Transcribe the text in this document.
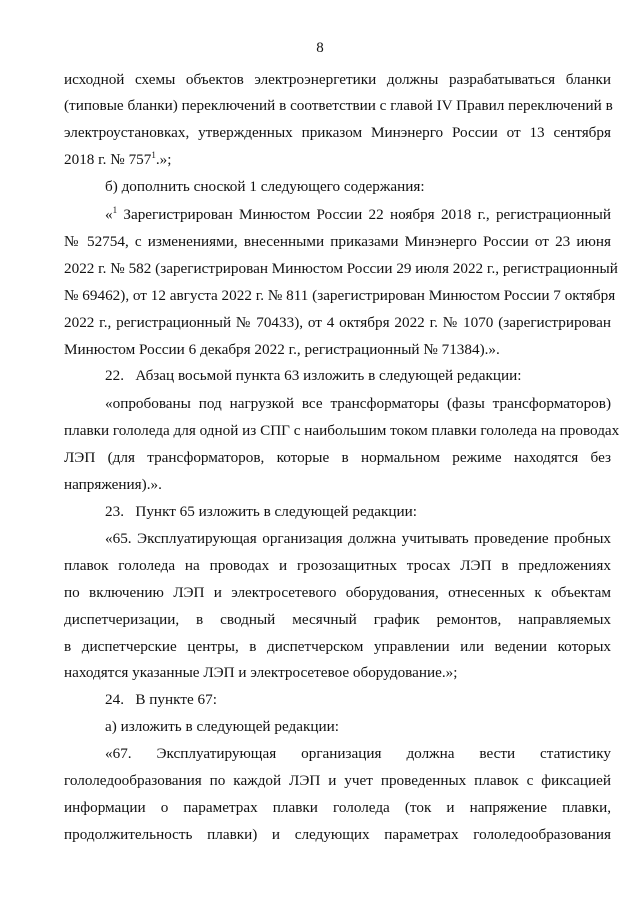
8
исходной схемы объектов электроэнергетики должны разрабатываться бланки
(типовые бланки) переключений в соответствии с главой IV Правил переключений в
электроустановках, утвержденных приказом Минэнерго России от 13 сентября
2018 г. № $757^1$.»;
б) дополнить сноской 1 следующего содержания:
«$^1$ Зарегистрирован Минюстом России 22 ноября 2018 г., регистрационный
№ 52754, с изменениями, внесенными приказами Минэнерго России от 23 июня
2022 г. № 582 (зарегистрирован Минюстом России 29 июля 2022 г., регистрационный
№ 69462), от 12 августа 2022 г. № 811 (зарегистрирован Минюстом России 7 октября
2022 г., регистрационный № 70433), от 4 октября 2022 г. № 1070 (зарегистрирован
Минюстом России 6 декабря 2022 г., регистрационный № 71384).».
22.   Абзац восьмой пункта 63 изложить в следующей редакции:
«опробованы под нагрузкой все трансформаторы (фазы трансформаторов)
плавки гололеда для одной из СПГ с наибольшим током плавки гололеда на проводах
ЛЭП (для трансформаторов, которые в нормальном режиме находятся без
напряжения).».
23.   Пункт 65 изложить в следующей редакции:
«65. Эксплуатирующая организация должна учитывать проведение пробных
плавок гололеда на проводах и грозозащитных тросах ЛЭП в предложениях
по включению ЛЭП и электросетевого оборудования, отнесенных к объектам
диспетчеризации, в сводный месячный график ремонтов, направляемых
в диспетчерские центры, в диспетчерском управлении или ведении которых
находятся указанные ЛЭП и электросетевое оборудование.»;
24.   В пункте 67:
а) изложить в следующей редакции:
«67. Эксплуатирующая организация должна вести статистику
гололедообразования по каждой ЛЭП и учет проведенных плавок с фиксацией
информации о параметрах плавки гололеда (ток и напряжение плавки,
продолжительность плавки) и следующих параметрах гололедообразования
